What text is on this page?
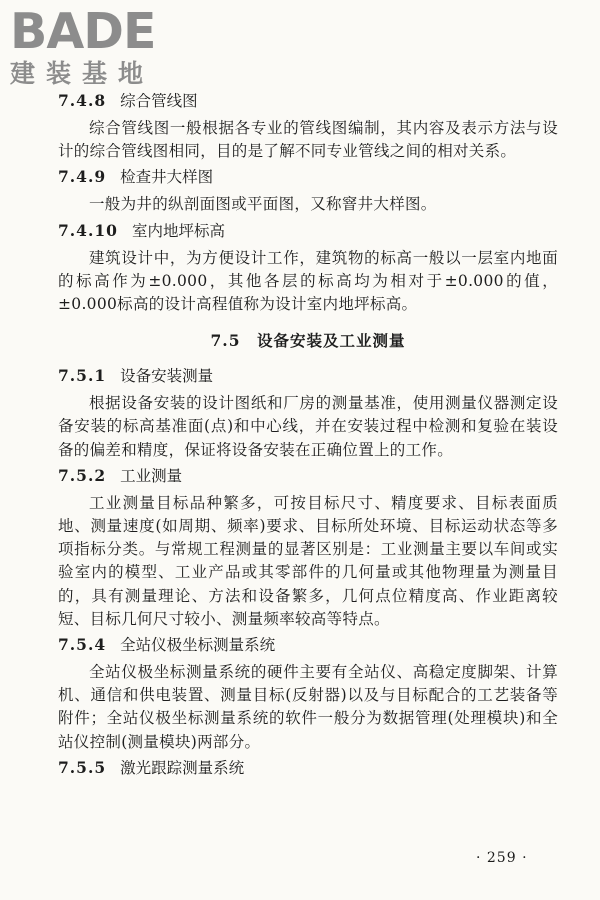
BADE
建装基地
7.4.8 综合管线图
综合管线图一般根据各专业的管线图编制，其内容及表示方法与设计的综合管线图相同，目的是了解不同专业管线之间的相对关系。
7.4.9 检查井大样图
一般为井的纵剖面图或平面图，又称窨井大样图。
7.4.10 室内地坪标高
建筑设计中，为方便设计工作，建筑物的标高一般以一层室内地面的标高作为±0.000，其他各层的标高均为相对于±0.000的值，±0.000标高的设计高程值称为设计室内地坪标高。
7.5　设备安装及工业测量
7.5.1 设备安装测量
根据设备安装的设计图纸和厂房的测量基准，使用测量仪器测定设备安装的标高基准面(点)和中心线，并在安装过程中检测和复验在装设备的偏差和精度，保证将设备安装在正确位置上的工作。
7.5.2 工业测量
工业测量目标品种繁多，可按目标尺寸、精度要求、目标表面质地、测量速度(如周期、频率)要求、目标所处环境、目标运动状态等多项指标分类。与常规工程测量的显著区别是：工业测量主要以车间或实验室内的模型、工业产品或其零部件的几何量或其他物理量为测量目的，具有测量理论、方法和设备繁多，几何点位精度高、作业距离较短、目标几何尺寸较小、测量频率较高等特点。
7.5.4 全站仪极坐标测量系统
全站仪极坐标测量系统的硬件主要有全站仪、高稳定度脚架、计算机、通信和供电装置、测量目标(反射器)以及与目标配合的工艺装备等附件；全站仪极坐标测量系统的软件一般分为数据管理(处理模块)和全站仪控制(测量模块)两部分。
7.5.5 激光跟踪测量系统
· 259 ·
